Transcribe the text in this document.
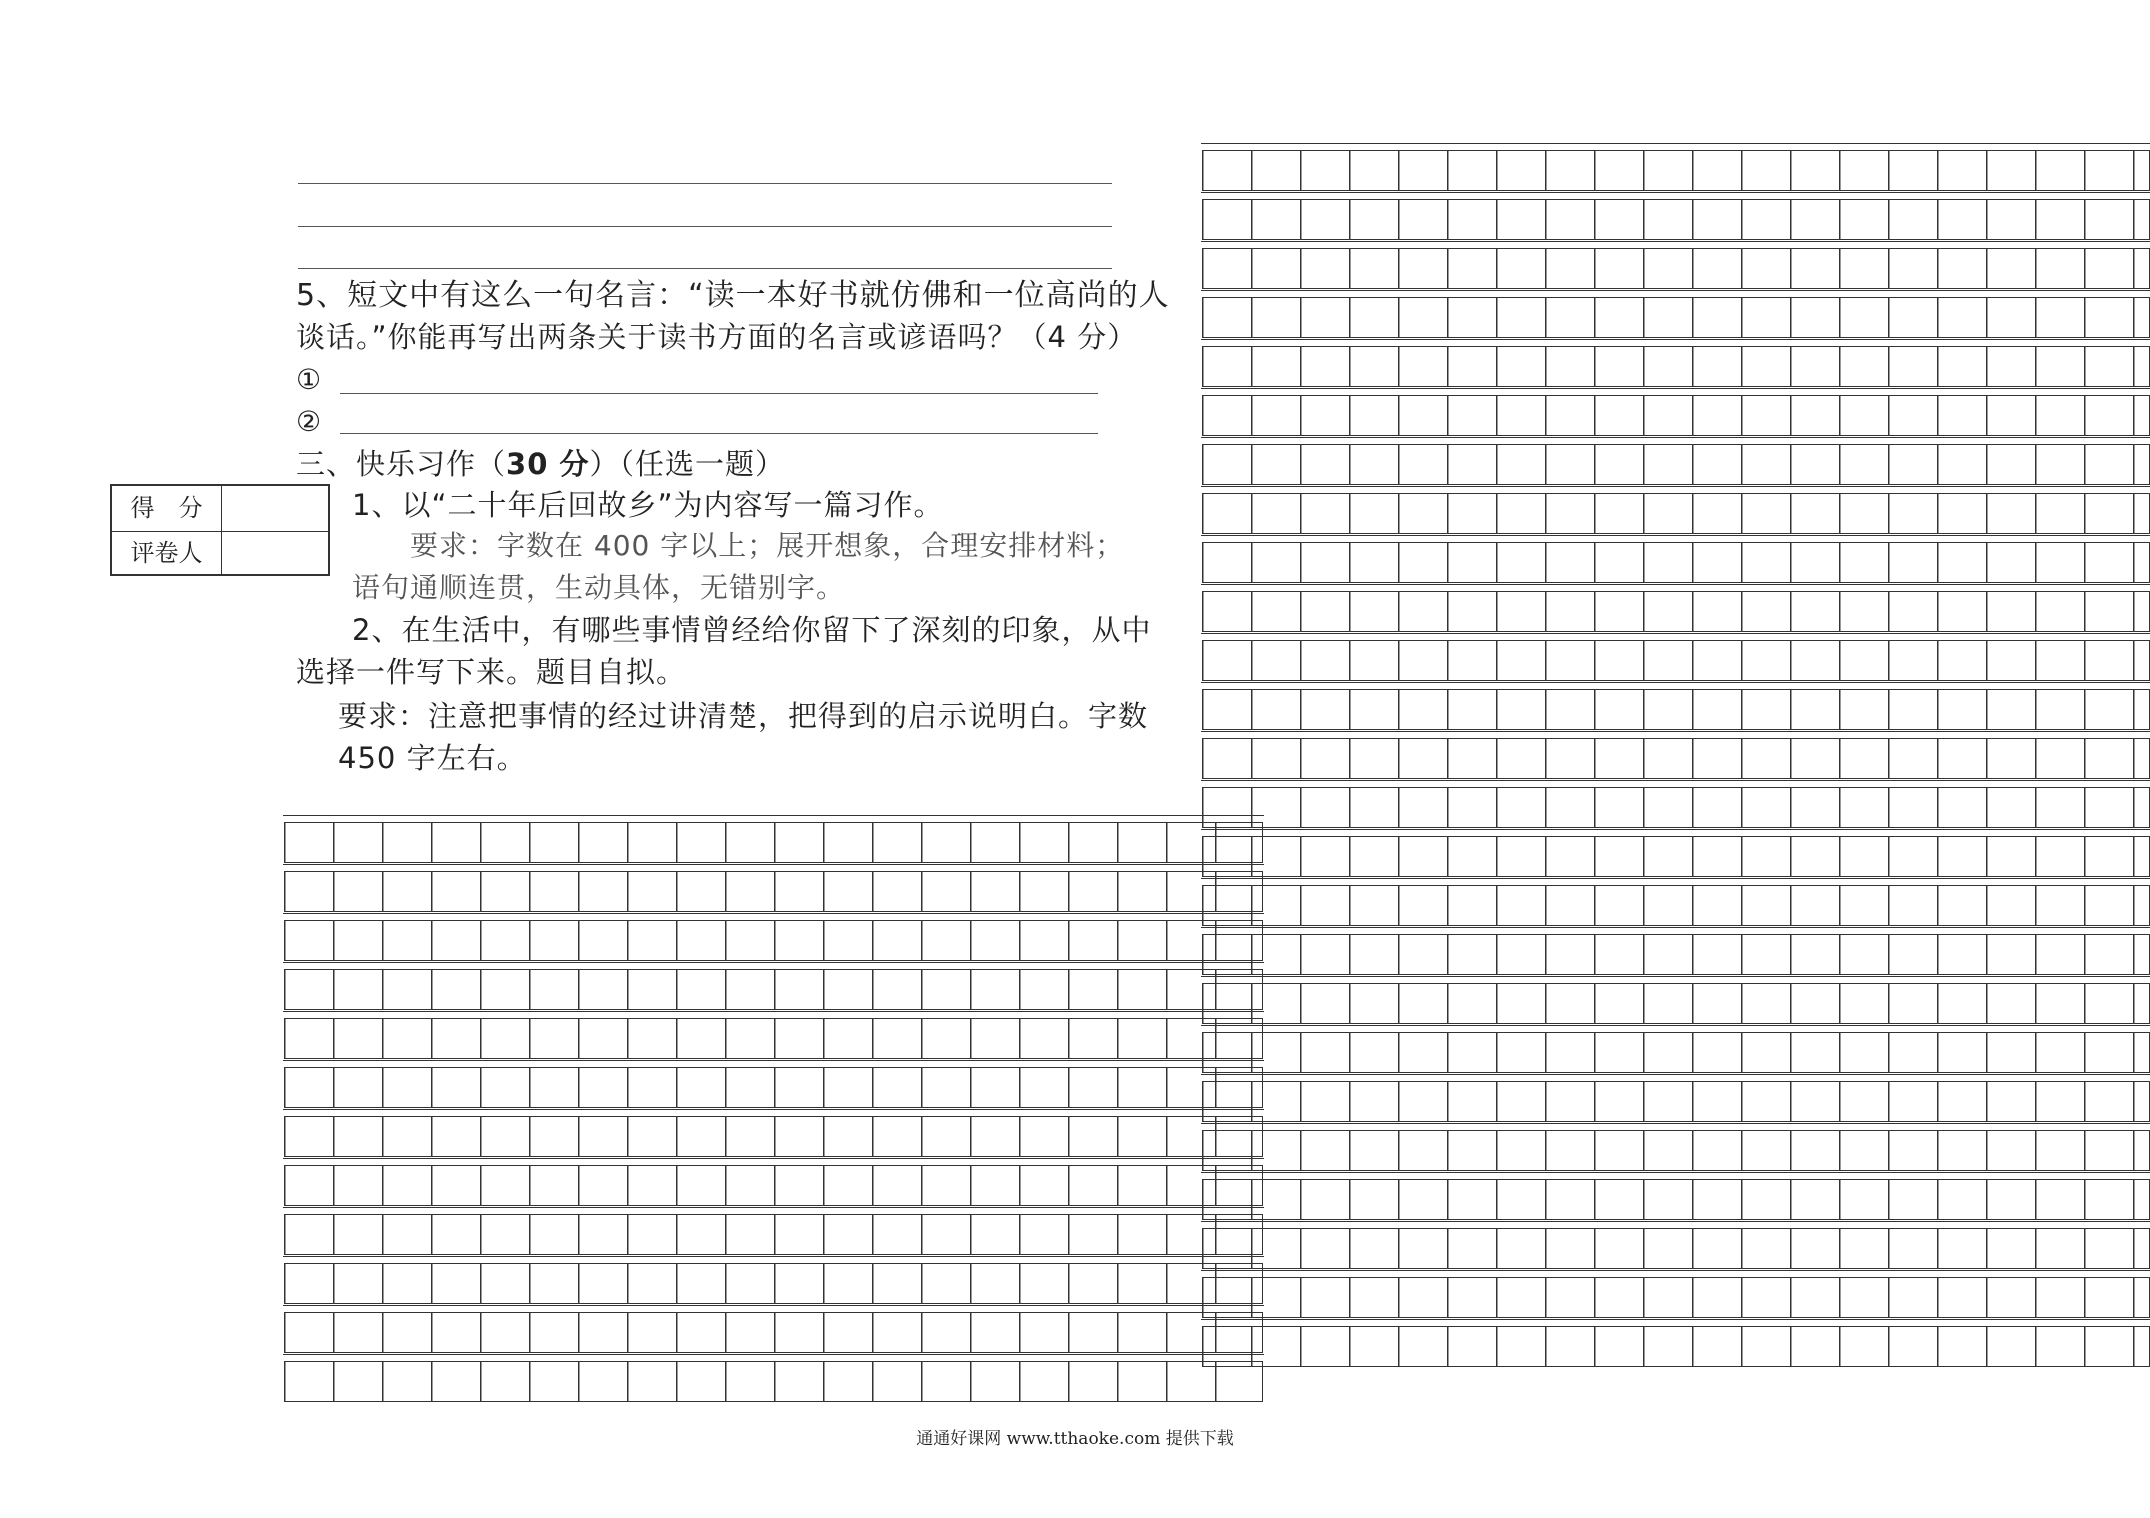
5、短文中有这么一句名言：“读一本好书就仿佛和一位高尚的人
谈话。”你能再写出两条关于读书方面的名言或谚语吗？（4 分）
①
②
三、快乐习作（30 分）（任选一题）
得　分
评卷人
1、以“二十年后回故乡”为内容写一篇习作。
要求：字数在 400 字以上；展开想象，合理安排材料；
语句通顺连贯，生动具体，无错别字。
2、在生活中，有哪些事情曾经给你留下了深刻的印象，从中
选择一件写下来。题目自拟。
要求：注意把事情的经过讲清楚，把得到的启示说明白。字数
450 字左右。
通通好课网 www.tthaoke.com 提供下载
